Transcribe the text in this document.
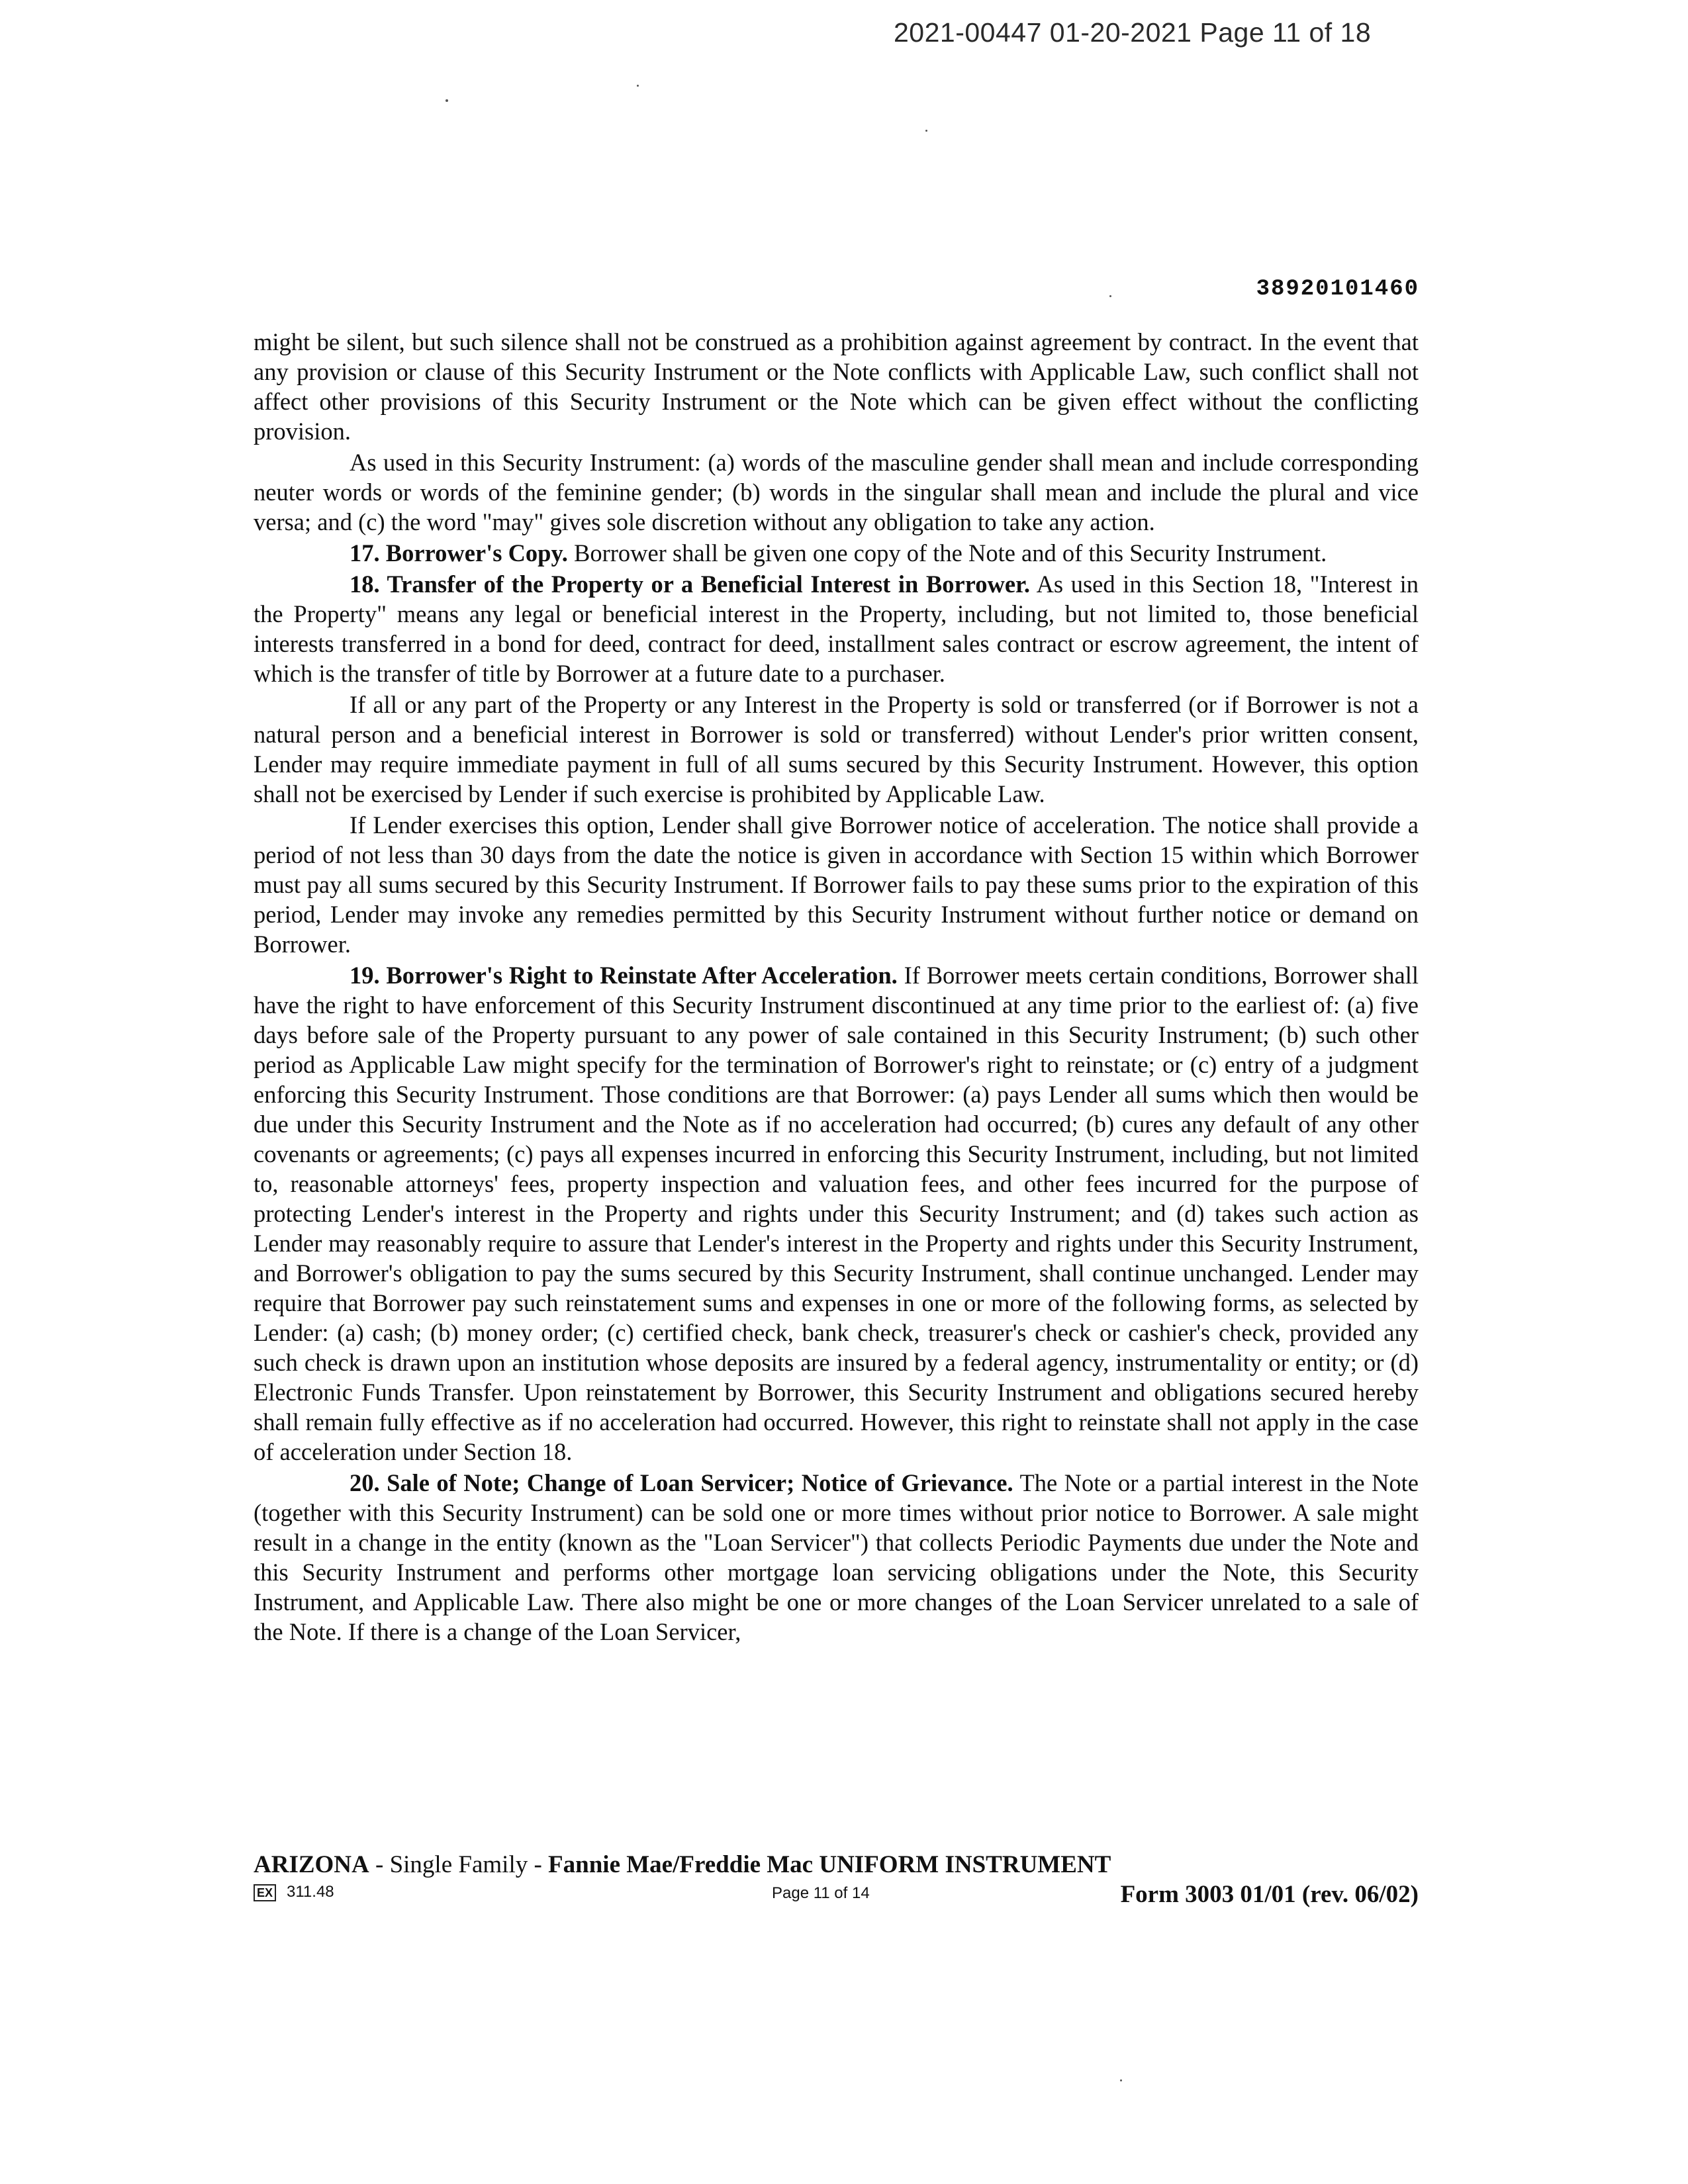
2021-00447 01-20-2021 Page 11 of 18
38920101460

might be silent, but such silence shall not be construed as a prohibition against agreement by contract. In the event that any provision or clause of this Security Instrument or the Note conflicts with Applicable Law, such conflict shall not affect other provisions of this Security Instrument or the Note which can be given effect without the conflicting provision.

As used in this Security Instrument: (a) words of the masculine gender shall mean and include corresponding neuter words or words of the feminine gender; (b) words in the singular shall mean and include the plural and vice versa; and (c) the word "may" gives sole discretion without any obligation to take any action.

17. Borrower's Copy. Borrower shall be given one copy of the Note and of this Security Instrument.

18. Transfer of the Property or a Beneficial Interest in Borrower. As used in this Section 18, "Interest in the Property" means any legal or beneficial interest in the Property, including, but not limited to, those beneficial interests transferred in a bond for deed, contract for deed, installment sales contract or escrow agreement, the intent of which is the transfer of title by Borrower at a future date to a purchaser.

If all or any part of the Property or any Interest in the Property is sold or transferred (or if Borrower is not a natural person and a beneficial interest in Borrower is sold or transferred) without Lender's prior written consent, Lender may require immediate payment in full of all sums secured by this Security Instrument. However, this option shall not be exercised by Lender if such exercise is prohibited by Applicable Law.

If Lender exercises this option, Lender shall give Borrower notice of acceleration. The notice shall provide a period of not less than 30 days from the date the notice is given in accordance with Section 15 within which Borrower must pay all sums secured by this Security Instrument. If Borrower fails to pay these sums prior to the expiration of this period, Lender may invoke any remedies permitted by this Security Instrument without further notice or demand on Borrower.

19. Borrower's Right to Reinstate After Acceleration. If Borrower meets certain conditions, Borrower shall have the right to have enforcement of this Security Instrument discontinued at any time prior to the earliest of: (a) five days before sale of the Property pursuant to any power of sale contained in this Security Instrument; (b) such other period as Applicable Law might specify for the termination of Borrower's right to reinstate; or (c) entry of a judgment enforcing this Security Instrument. Those conditions are that Borrower: (a) pays Lender all sums which then would be due under this Security Instrument and the Note as if no acceleration had occurred; (b) cures any default of any other covenants or agreements; (c) pays all expenses incurred in enforcing this Security Instrument, including, but not limited to, reasonable attorneys' fees, property inspection and valuation fees, and other fees incurred for the purpose of protecting Lender's interest in the Property and rights under this Security Instrument; and (d) takes such action as Lender may reasonably require to assure that Lender's interest in the Property and rights under this Security Instrument, and Borrower's obligation to pay the sums secured by this Security Instrument, shall continue unchanged. Lender may require that Borrower pay such reinstatement sums and expenses in one or more of the following forms, as selected by Lender: (a) cash; (b) money order; (c) certified check, bank check, treasurer's check or cashier's check, provided any such check is drawn upon an institution whose deposits are insured by a federal agency, instrumentality or entity; or (d) Electronic Funds Transfer. Upon reinstatement by Borrower, this Security Instrument and obligations secured hereby shall remain fully effective as if no acceleration had occurred. However, this right to reinstate shall not apply in the case of acceleration under Section 18.

20. Sale of Note; Change of Loan Servicer; Notice of Grievance. The Note or a partial interest in the Note (together with this Security Instrument) can be sold one or more times without prior notice to Borrower. A sale might result in a change in the entity (known as the "Loan Servicer") that collects Periodic Payments due under the Note and this Security Instrument and performs other mortgage loan servicing obligations under the Note, this Security Instrument, and Applicable Law. There also might be one or more changes of the Loan Servicer unrelated to a sale of the Note. If there is a change of the Loan Servicer,

ARIZONA - Single Family - Fannie Mae/Freddie Mac UNIFORM INSTRUMENT
EX 311.48	Page 11 of 14	Form 3003 01/01 (rev. 06/02)
